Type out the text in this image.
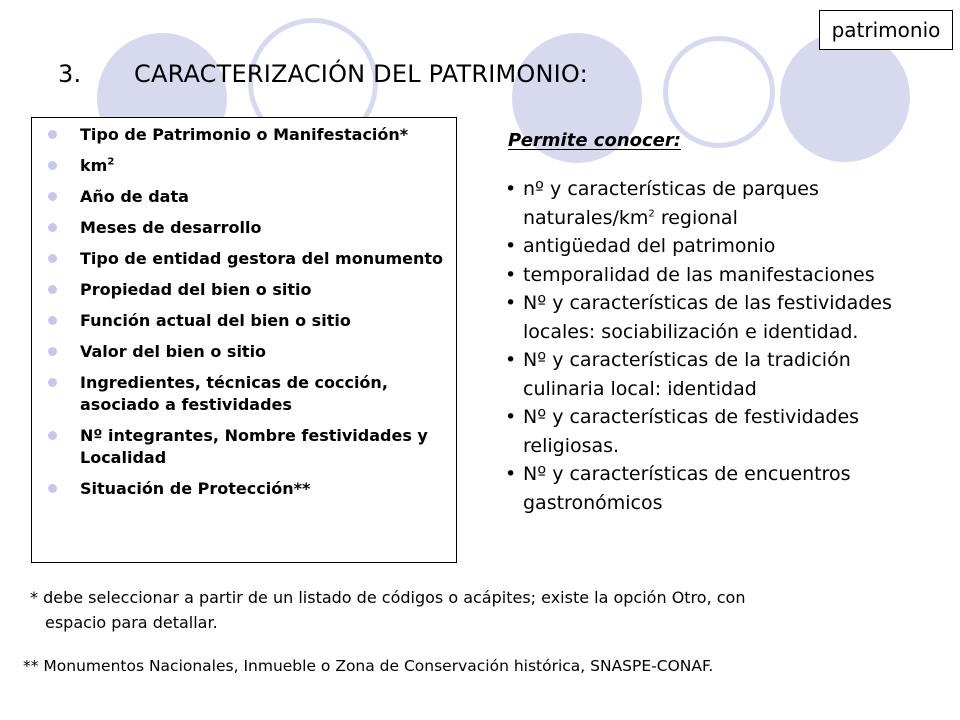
patrimonio
3.	CARACTERIZACIÓN DEL PATRIMONIO:
Tipo de Patrimonio o Manifestación*
$km^2$
Año de data
Meses de desarrollo
Tipo de entidad gestora del monumento
Propiedad del bien o sitio
Función actual del bien o sitio
Valor del bien o sitio
Ingredientes, técnicas de cocción, asociado a festividades
Nº integrantes, Nombre festividades y Localidad
Situación de Protección**
Permite conocer:
• nº y características de parques naturales/$km^2$ regional
• antigüedad del patrimonio
• temporalidad de las manifestaciones
• Nº y características de las festividades locales: sociabilización e identidad.
• Nº y características de la tradición culinaria local: identidad
• Nº y características de festividades religiosas.
• Nº y características de encuentros gastronómicos

* debe seleccionar a partir de un listado de códigos o acápites; existe la opción Otro, con
espacio para detallar.

** Monumentos Nacionales, Inmueble o Zona de Conservación histórica, SNASPE-CONAF.
